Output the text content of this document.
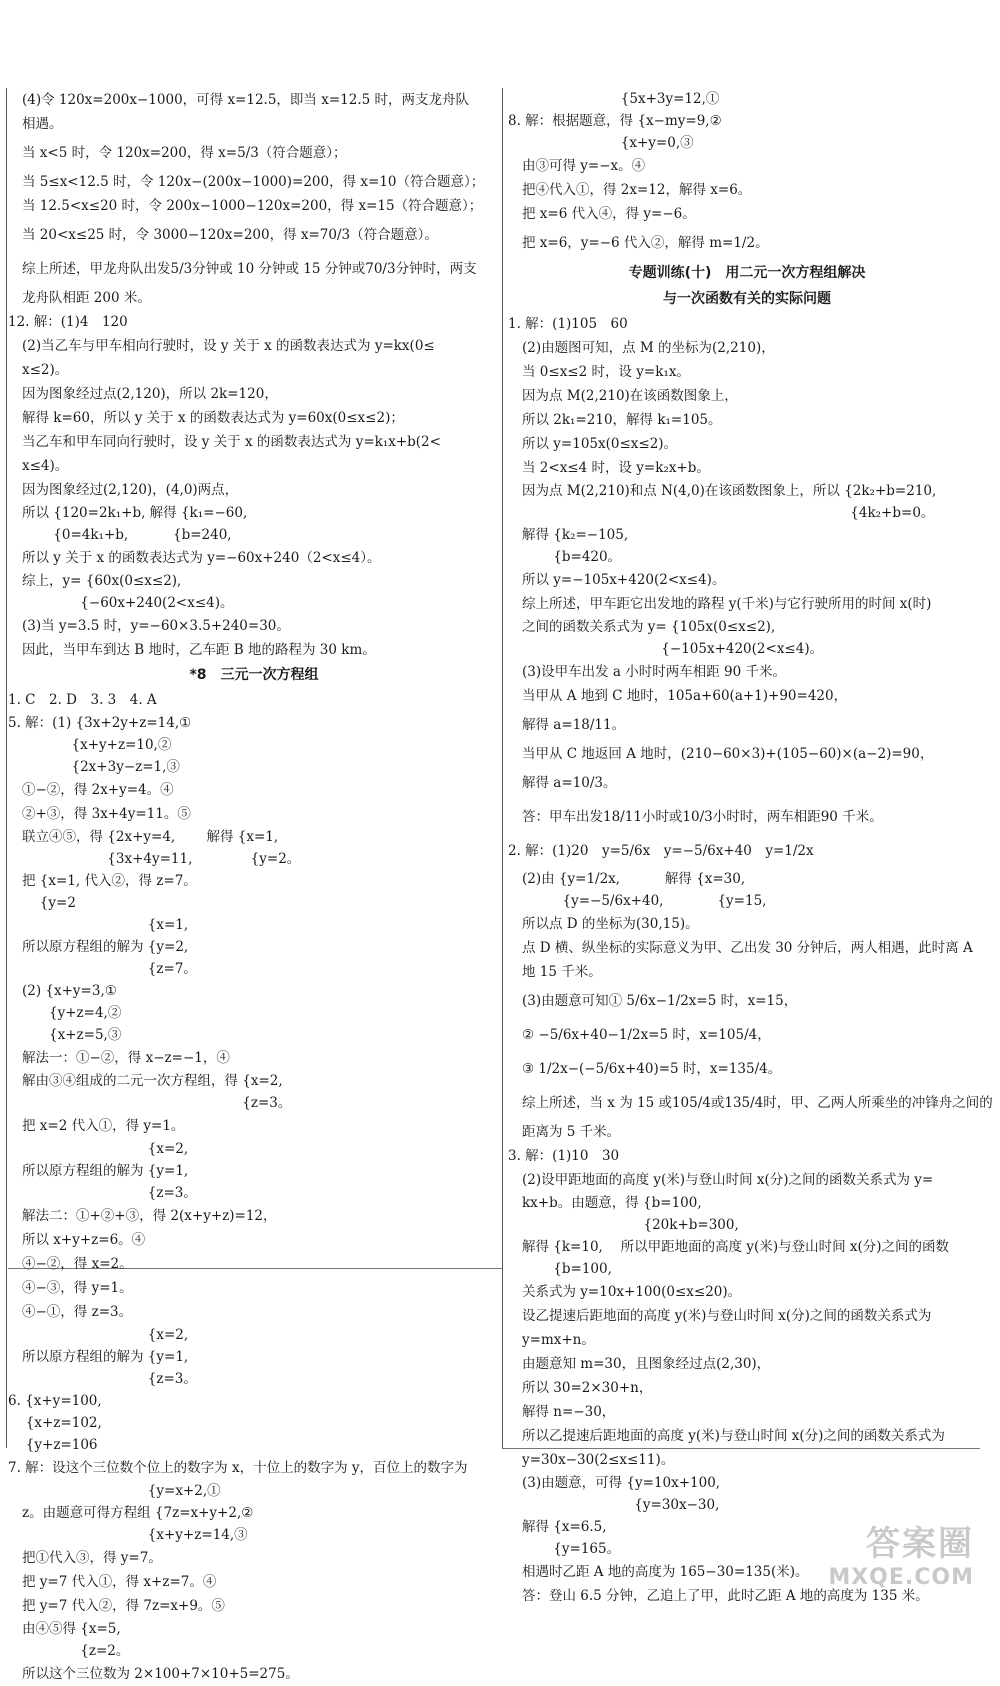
(4)令 120x=200x−1000，可得 x=12.5，即当 x=12.5 时，两支龙舟队
相遇。
当 x<5 时，令 120x=200，得 x=5/3（符合题意）；
当 5≤x<12.5 时，令 120x−(200x−1000)=200，得 x=10（符合题意）；
当 12.5<x≤20 时，令 200x−1000−120x=200，得 x=15（符合题意）；
当 20<x≤25 时，令 3000−120x=200，得 x=70/3（符合题意）。
综上所述，甲龙舟队出发5/3分钟或 10 分钟或 15 分钟或70/3分钟时，两支
龙舟队相距 200 米。
12. 解：(1)4　120
(2)当乙车与甲车相向行驶时，设 y 关于 x 的函数表达式为 y=kx(0≤
x≤2)。
因为图象经过点(2,120)，所以 2k=120，
解得 k=60，所以 y 关于 x 的函数表达式为 y=60x(0≤x≤2)；
当乙车和甲车同向行驶时，设 y 关于 x 的函数表达式为 y=k₁x+b(2<
x≤4)。
因为图象经过(2,120)，(4,0)两点，
所以 {120=2k₁+b, 解得 {k₁=−60,
　　 {0=4k₁+b,　　　 {b=240,
所以 y 关于 x 的函数表达式为 y=−60x+240（2<x≤4）。
综上，y= {60x(0≤x≤2),
　　　　 {−60x+240(2<x≤4)。
(3)当 y=3.5 时，y=−60×3.5+240=30。
因此，当甲车到达 B 地时，乙车距 B 地的路程为 30 km。
*8　三元一次方程组
1. C　2. D　3. 3　4. A
5. 解：(1) {3x+2y+z=14,①
　{x+y+z=10,②
　{2x+3y−z=1,③
①−②，得 2x+y=4。④
②+③，得 3x+4y=11。⑤
联立④⑤，得 {2x+y=4,　　 解得 {x=1,
　　　　　　 {3x+4y=11,　　　　 {y=2。
把 {x=1, 代入②，得 z=7。
　 {y=2
　　　　　　　　　 {x=1,
所以原方程组的解为 {y=2,
　　　　　　　　　 {z=7。
(2) {x+y=3,①
　　{y+z=4,②
　　{x+z=5,③
解法一：①−②，得 x−z=−1，④
解由③④组成的二元一次方程组，得 {x=2,
　　　　　　　　　　　　　　　　 {z=3。
把 x=2 代入①，得 y=1。
　　　　　　　　　 {x=2,
所以原方程组的解为 {y=1,
　　　　　　　　　 {z=3。
解法二：①+②+③，得 2(x+y+z)=12，
所以 x+y+z=6。④
④−②，得 x=2。
④−③，得 y=1。
④−①，得 z=3。
　　　　　　　　　 {x=2,
所以原方程组的解为 {y=1,
　　　　　　　　　 {z=3。
6. {x+y=100,
　 {x+z=102,
　 {y+z=106
7. 解：设这个三位数个位上的数字为 x，十位上的数字为 y，百位上的数字为
　　　　　　　　　 {y=x+2,①
z。由题意可得方程组 {7z=x+y+2,②
　　　　　　　　　 {x+y+z=14,③
把①代入③，得 y=7。
把 y=7 代入①，得 x+z=7。④
把 y=7 代入②，得 7z=x+9。⑤
由④⑤得 {x=5,
　　　　 {z=2。
所以这个三位数为 2×100+7×10+5=275。
　　　　　　　 {5x+3y=12,①
8. 解：根据题意，得 {x−my=9,②
　　　　　　　 {x+y=0,③
由③可得 y=−x。④
把④代入①，得 2x=12，解得 x=6。
把 x=6 代入④，得 y=−6。
把 x=6，y=−6 代入②，解得 m=1/2。
专题训练(十)　用二元一次方程组解决
与一次函数有关的实际问题
1. 解：(1)105　60
(2)由题图可知，点 M 的坐标为(2,210)，
当 0≤x≤2 时，设 y=k₁x。
因为点 M(2,210)在该函数图象上，
所以 2k₁=210，解得 k₁=105。
所以 y=105x(0≤x≤2)。
当 2<x≤4 时，设 y=k₂x+b。
因为点 M(2,210)和点 N(4,0)在该函数图象上，所以 {2k₂+b=210,
　　　　　　　　　　　　　　　　　　　　　　　　 {4k₂+b=0。
解得 {k₂=−105,
　　 {b=420。
所以 y=−105x+420(2<x≤4)。
综上所述，甲车距它出发地的路程 y(千米)与它行驶所用的时间 x(时)
之间的函数关系式为 y= {105x(0≤x≤2),
　　　　　　　　　　 {−105x+420(2<x≤4)。
(3)设甲车出发 a 小时时两车相距 90 千米。
当甲从 A 地到 C 地时，105a+60(a+1)+90=420，
解得 a=18/11。
当甲从 C 地返回 A 地时，(210−60×3)+(105−60)×(a−2)=90，
解得 a=10/3。
答：甲车出发18/11小时或10/3小时时，两车相距90 千米。
2. 解：(1)20　y=5/6x　y=−5/6x+40　y=1/2x
(2)由 {y=1/2x,　　　 解得 {x=30,
　　　{y=−5/6x+40,　　　　{y=15,
所以点 D 的坐标为(30,15)。
点 D 横、纵坐标的实际意义为甲、乙出发 30 分钟后，两人相遇，此时离 A
地 15 千米。
(3)由题意可知① 5/6x−1/2x=5 时，x=15，
② −5/6x+40−1/2x=5 时，x=105/4，
③ 1/2x−(−5/6x+40)=5 时，x=135/4。
综上所述，当 x 为 15 或105/4或135/4时，甲、乙两人所乘坐的冲锋舟之间的
距离为 5 千米。
3. 解：(1)10　30
(2)设甲距地面的高度 y(米)与登山时间 x(分)之间的函数关系式为 y=
kx+b。由题意，得 {b=100,
　　　　　　　　　{20k+b=300,
解得 {k=10,　 所以甲距地面的高度 y(米)与登山时间 x(分)之间的函数
　　 {b=100,
关系式为 y=10x+100(0≤x≤20)。
设乙提速后距地面的高度 y(米)与登山时间 x(分)之间的函数关系式为
y=mx+n。
由题意知 m=30，且图象经过点(2,30)，
所以 30=2×30+n，
解得 n=−30，
所以乙提速后距地面的高度 y(米)与登山时间 x(分)之间的函数关系式为
y=30x−30(2≤x≤11)。
(3)由题意，可得 {y=10x+100,
　　　　　　　　 {y=30x−30,
解得 {x=6.5,
　　 {y=165。
相遇时乙距 A 地的高度为 165−30=135(米)。
答：登山 6.5 分钟，乙追上了甲，此时乙距 A 地的高度为 135 米。
答案圈
MXQE.COM
